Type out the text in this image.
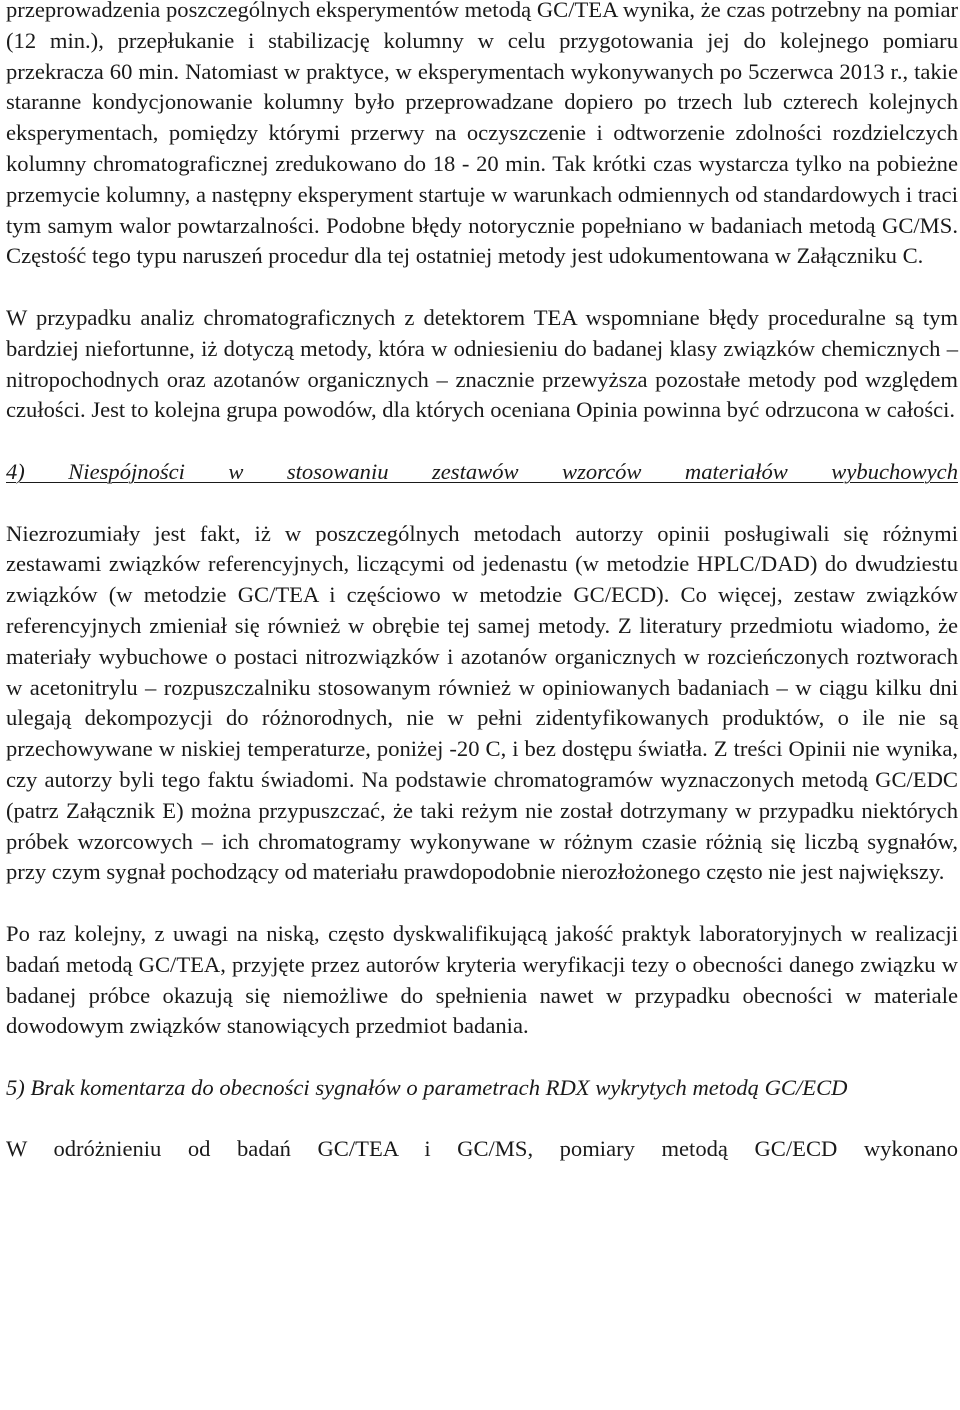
przeprowadzenia poszczególnych eksperymentów metodą GC/TEA wynika, że czas potrzebny na pomiar (12 min.), przepłukanie i stabilizację kolumny w celu przygotowania jej do kolejnego pomiaru przekracza 60 min. Natomiast w praktyce, w eksperymentach wykonywanych po 5czerwca 2013 r., takie staranne kondycjonowanie kolumny było przeprowadzane dopiero po trzech lub czterech kolejnych eksperymentach, pomiędzy którymi przerwy na oczyszczenie i odtworzenie zdolności rozdzielczych kolumny chromatograficznej zredukowano do 18 - 20 min. Tak krótki czas wystarcza tylko na pobieżne przemycie kolumny, a następny eksperyment startuje w warunkach odmiennych od standardowych i traci tym samym walor powtarzalności. Podobne błędy notorycznie popełniano w badaniach metodą GC/MS. Częstość tego typu naruszeń procedur dla tej ostatniej metody jest udokumentowana w Załączniku C.

W przypadku analiz chromatograficznych z detektorem TEA wspomniane błędy proceduralne są tym bardziej niefortunne, iż dotyczą metody, która w odniesieniu do badanej klasy związków chemicznych – nitropochodnych oraz azotanów organicznych – znacznie przewyższa pozostałe metody pod względem czułości. Jest to kolejna grupa powodów, dla których oceniana Opinia powinna być odrzucona w całości.

4) Niespójności w stosowaniu zestawów wzorców materiałów wybuchowych

Niezrozumiały jest fakt, iż w poszczególnych metodach autorzy opinii posługiwali się różnymi zestawami związków referencyjnych, liczącymi od jedenastu (w metodzie HPLC/DAD) do dwudziestu związków (w metodzie GC/TEA i częściowo w metodzie GC/ECD). Co więcej, zestaw związków referencyjnych zmieniał się również w obrębie tej samej metody. Z literatury przedmiotu wiadomo, że materiały wybuchowe o postaci nitrozwiązków i azotanów organicznych w rozcieńczonych roztworach w acetonitrylu – rozpuszczalniku stosowanym również w opiniowanych badaniach – w ciągu kilku dni ulegają dekompozycji do różnorodnych, nie w pełni zidentyfikowanych produktów, o ile nie są przechowywane w niskiej temperaturze, poniżej -20 C, i bez dostępu światła. Z treści Opinii nie wynika, czy autorzy byli tego faktu świadomi. Na podstawie chromatogramów wyznaczonych metodą GC/EDC (patrz Załącznik E) można przypuszczać, że taki reżym nie został dotrzymany w przypadku niektórych próbek wzorcowych – ich chromatogramy wykonywane w różnym czasie różnią się liczbą sygnałów, przy czym sygnał pochodzący od materiału prawdopodobnie nierozłożonego często nie jest największy.

Po raz kolejny, z uwagi na niską, często dyskwalifikującą jakość praktyk laboratoryjnych w realizacji badań metodą GC/TEA, przyjęte przez autorów kryteria weryfikacji tezy o obecności danego związku w badanej próbce okazują się niemożliwe do spełnienia nawet w przypadku obecności w materiale dowodowym związków stanowiących przedmiot badania.

5) Brak komentarza do obecności sygnałów o parametrach RDX wykrytych metodą GC/ECD

W odróżnieniu od badań GC/TEA i GC/MS, pomiary metodą GC/ECD wykonano
